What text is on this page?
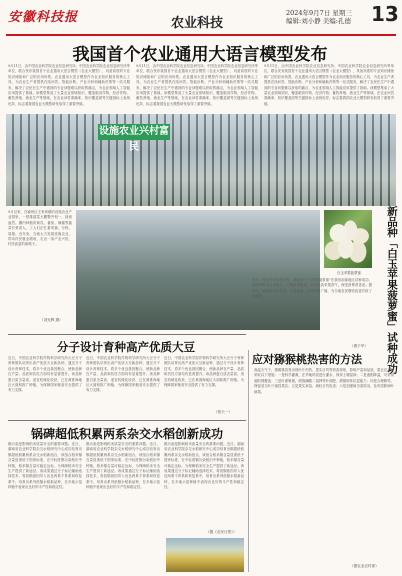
安徽科技报	农业科技
2024年9月7日 星期三
编辑:刘小静 美编:孔德	13
我国首个农业通用大语言模型发布
9月11日，由中国农业科学院农业信息研究所、中国农业科学院农业信息研究所等单位，联合发布我国首个农业通用大语言模型《农业大模型》，具备高度的专业知识储备和广泛的应用场景。农业通用大语言模型作为农业知识服务的核心工具，为农业生产者提供在线问答、智能诊断、产业分析和辅助决策等一站式服务，解决了农民在生产中遇到的专业问题难以获取的痛点，为农业领域人工智能应用提供了基础。该模型集成了大量农业领域知识，覆盖粮食作物、经济作物、畜牧养殖、渔业生产等领域，在农业问答准确率、知识覆盖面等关键指标上表现优异，标志着我国农业大模型研发取得了重要突破。
9月11日，由中国农业科学院农业信息研究所、中国农业科学院农业信息研究所等单位，联合发布我国首个农业通用大语言模型《农业大模型》，具备高度的专业知识储备和广泛的应用场景。农业通用大语言模型作为农业知识服务的核心工具，为农业生产者提供在线问答、智能诊断、产业分析和辅助决策等一站式服务，解决了农民在生产中遇到的专业问题难以获取的痛点，为农业领域人工智能应用提供了基础。该模型集成了大量农业领域知识，覆盖粮食作物、经济作物、畜牧养殖、渔业生产等领域，在农业问答准确率、知识覆盖面等关键指标上表现优异，标志着我国农业大模型研发取得了重要突破。
9月11日，由中国农业科学院农业信息研究所、中国农业科学院农业信息研究所等单位，联合发布我国首个农业通用大语言模型《农业大模型》，具备高度的专业知识储备和广泛的应用场景。农业通用大语言模型作为农业知识服务的核心工具，为农业生产者提供在线问答、智能诊断、产业分析和辅助决策等一站式服务，解决了农民在生产中遇到的专业问题难以获取的痛点，为农业领域人工智能应用提供了基础。该模型集成了大量农业领域知识，覆盖粮食作物、经济作物、畜牧养殖、渔业生产等领域，在农业问答准确率、知识覆盖面等关键指标上表现优异，标志着我国农业大模型研发取得了重要突破。
设施农业兴村富民
9月以来，在颍州区王家坝镇的设施农业产业园里，一排排蔬菜大棚整齐划一，绿意盎然。棚内种植的黄瓜、番茄、辣椒等蔬菜长势喜人，工人们正忙着采摘、分拣、装箱。近年来，当地大力发展设施农业，带动村民就业增收，走出一条产业兴旺、村民致富的新路子。
（刘光辉 摄）	新品种「白玉苹果菠萝蜜」试种成功
白玉苹果菠萝蜜
近日，经过多年引种试验，新品种“白玉苹果菠萝蜜”在我省南部地区试种成功。该品种果肉洁白如玉，口感清甜脆爽，带有淡淡苹果香气，深受消费者喜爱。据介绍，该品种适应性强，产量稳定，市场前景广阔，为当地农民增收致富开辟了新途径。
（康子华）
分子设计育种高产优质大豆
近日，中国农业科学院作物科学研究所大豆分子育种团队培育出高产优质大豆新品种，通过分子设计育种技术，将多个优良基因聚合，使新品种在产量、品质和抗性方面均有显著提升。该品种蛋白质含量高，适宜机械化收获，已在黄淮海地区大面积推广种植，为保障国家粮食安全提供了有力支撑。
近日，中国农业科学院作物科学研究所大豆分子育种团队培育出高产优质大豆新品种，通过分子设计育种技术，将多个优良基因聚合，使新品种在产量、品质和抗性方面均有显著提升。该品种蛋白质含量高，适宜机械化收获，已在黄淮海地区大面积推广种植，为保障国家粮食安全提供了有力支撑。
近日，中国农业科学院作物科学研究所大豆分子育种团队培育出高产优质大豆新品种，通过分子设计育种技术，将多个优良基因聚合，使新品种在产量、品质和抗性方面均有显著提升。该品种蛋白质含量高，适宜机械化收获，已在黄淮海地区大面积推广种植，为保障国家粮食安全提供了有力支撑。
（张天一）
应对猕猴桃热害的方法
高温天气下，猕猴桃容易出现叶片灼伤、果实日灼等热害现象，影响产量和品质。果农应及时采取以下措施：一是科学灌溉，在早晚时段进行灌水，保持土壤湿润；二是遮阳降温，可采用遮阳网覆盖；三是叶面喷施，喷施磷酸二氢钾等叶面肥，增强树体抗逆能力；四是合理修剪，保留适当叶片遮挡果实；五是果实套袋，减轻日灼危害；六是加强病虫害防治，及时清除病叶病果。
（据农业农村部）
锅碑超低积累两系杂交水稻创新成功
镉污染是影响稻米质量安全的重要问题。近日，湖南省农业科学院杂交水稻研究中心成功培育出镉超低积累两系杂交水稻新组合，该组合稻米镉含量显著低于国家标准，在中轻度镉污染稻田中种植，稻米镉含量可稳定达标，为保障稻米安全生产提供了新途径。该成果通过分子标记辅助选择技术，将低镉基因导入优良两系不育系和恢复系中，培育出系列低镉水稻新品种，在多地示范种植中表现出良好的丰产性和稳定性。
镉污染是影响稻米质量安全的重要问题。近日，湖南省农业科学院杂交水稻研究中心成功培育出镉超低积累两系杂交水稻新组合，该组合稻米镉含量显著低于国家标准，在中轻度镉污染稻田中种植，稻米镉含量可稳定达标，为保障稻米安全生产提供了新途径。该成果通过分子标记辅助选择技术，将低镉基因导入优良两系不育系和恢复系中，培育出系列低镉水稻新品种，在多地示范种植中表现出良好的丰产性和稳定性。
镉污染是影响稻米质量安全的重要问题。近日，湖南省农业科学院杂交水稻研究中心成功培育出镉超低积累两系杂交水稻新组合，该组合稻米镉含量显著低于国家标准，在中轻度镉污染稻田中种植，稻米镉含量可稳定达标，为保障稻米安全生产提供了新途径。该成果通过分子标记辅助选择技术，将低镉基因导入优良两系不育系和恢复系中，培育出系列低镉水稻新品种，在多地示范种植中表现出良好的丰产性和稳定性。
（据《农民日报》）
